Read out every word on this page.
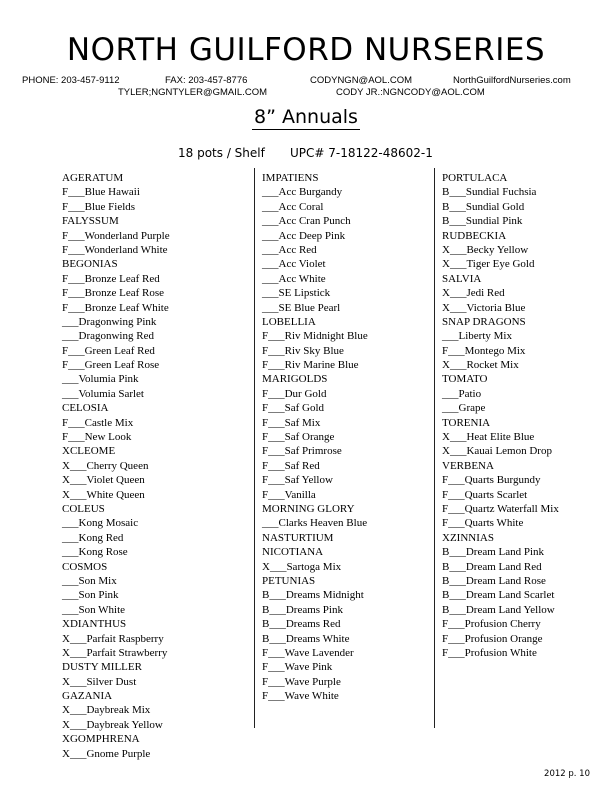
NORTH GUILFORD NURSERIES
PHONE: 203-457-9112	FAX: 203-457-8776	CODYNGN@AOL.COM	NorthGuilfordNurseries.com
TYLER;NGNTYLER@GMAIL.COM	CODY JR.:NGNCODY@AOL.COM
8” Annuals
18 pots / Shelf UPC# 7-18122-48602-1
AGERATUM
F___Blue Hawaii
F___Blue Fields
FALYSSUM
F___Wonderland Purple
F___Wonderland White
BEGONIAS
F___Bronze Leaf Red
F___Bronze Leaf Rose
F___Bronze Leaf White
___Dragonwing Pink
___Dragonwing Red
F___Green Leaf Red
F___Green Leaf Rose
___Volumia Pink
___Volumia Sarlet
CELOSIA
F___Castle Mix
F___New Look
XCLEOME
X___Cherry Queen
X___Violet Queen
X___White Queen
COLEUS
___Kong Mosaic
___Kong Red
___Kong Rose
COSMOS
___Son Mix
___Son Pink
___Son White
XDIANTHUS
X___Parfait Raspberry
X___Parfait Strawberry
DUSTY MILLER
X___Silver Dust
GAZANIA
X___Daybreak Mix
X___Daybreak Yellow
XGOMPHRENA
X___Gnome Purple
IMPATIENS
___Acc Burgandy
___Acc Coral
___Acc Cran Punch
___Acc Deep Pink
___Acc Red
___Acc Violet
___Acc White
___SE Lipstick
___SE Blue Pearl
LOBELLIA
F___Riv Midnight Blue
F___Riv Sky Blue
F___Riv Marine Blue
MARIGOLDS
F___Dur Gold
F___Saf Gold
F___Saf Mix
F___Saf Orange
F___Saf Primrose
F___Saf Red
F___Saf Yellow
F___Vanilla
MORNING GLORY
___Clarks Heaven Blue
NASTURTIUM
NICOTIANA
X___Sartoga Mix
PETUNIAS
B___Dreams Midnight
B___Dreams Pink
B___Dreams Red
B___Dreams White
F___Wave Lavender
F___Wave Pink
F___Wave Purple
F___Wave White
PORTULACA
B___Sundial Fuchsia
B___Sundial Gold
B___Sundial Pink
RUDBECKIA
X___Becky Yellow
X___Tiger Eye Gold
SALVIA
X___Jedi Red
X___Victoria Blue
SNAP DRAGONS
___Liberty Mix
F___Montego Mix
X___Rocket Mix
TOMATO
___Patio
___Grape
TORENIA
X___Heat Elite Blue
X___Kauai Lemon Drop
VERBENA
F___Quarts Burgundy
F___Quarts Scarlet
F___Quartz Waterfall Mix
F___Quarts White
XZINNIAS
B___Dream Land Pink
B___Dream Land Red
B___Dream Land Rose
B___Dream Land Scarlet
B___Dream Land Yellow
F___Profusion Cherry
F___Profusion Orange
F___Profusion White
2012 p. 10
